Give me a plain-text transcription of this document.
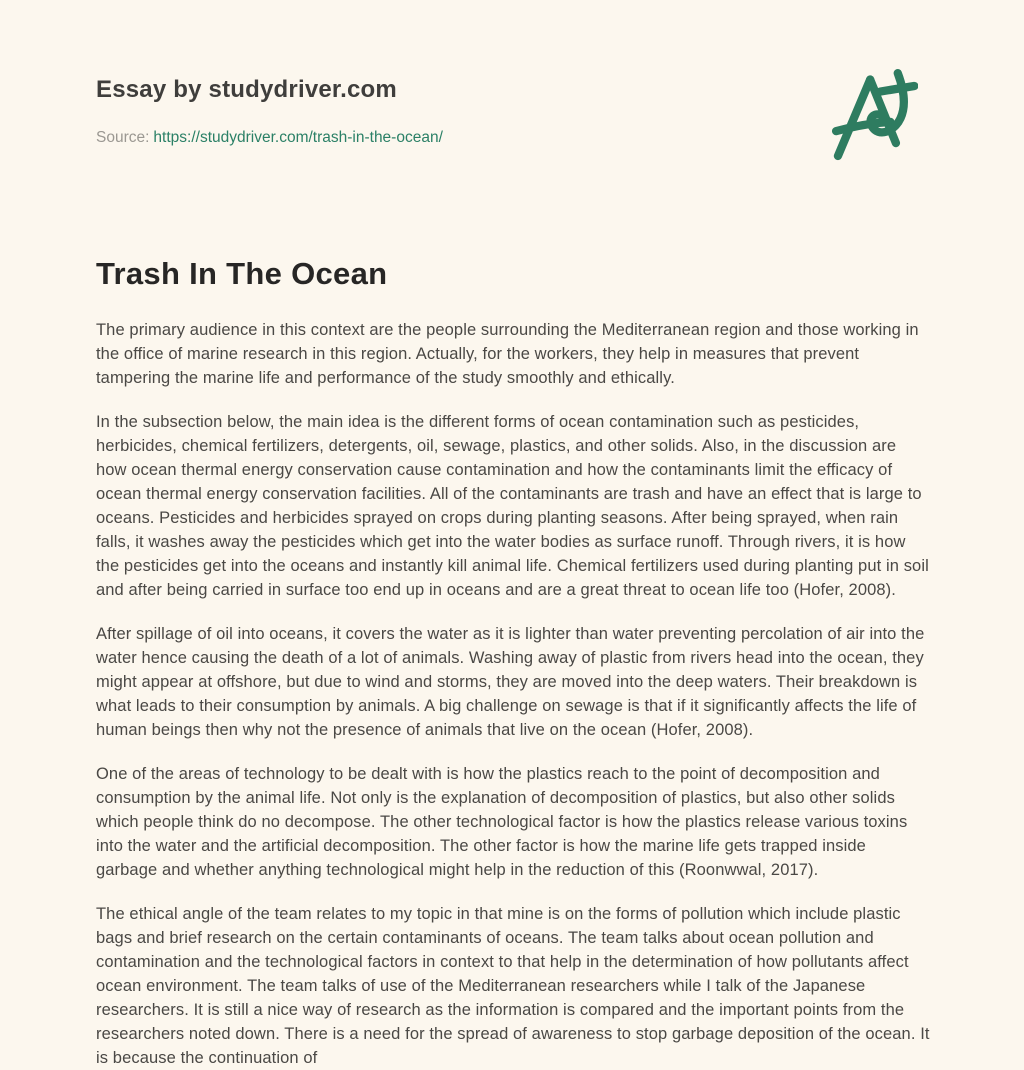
Essay by studydriver.com
Source: https://studydriver.com/trash-in-the-ocean/
Trash In The Ocean

The primary audience in this context are the people surrounding the Mediterranean region and those working in the office of marine research in this region. Actually, for the workers, they help in measures that prevent tampering the marine life and performance of the study smoothly and ethically.

In the subsection below, the main idea is the different forms of ocean contamination such as pesticides, herbicides, chemical fertilizers, detergents, oil, sewage, plastics, and other solids. Also, in the discussion are how ocean thermal energy conservation cause contamination and how the contaminants limit the efficacy of ocean thermal energy conservation facilities. All of the contaminants are trash and have an effect that is large to oceans. Pesticides and herbicides sprayed on crops during planting seasons. After being sprayed, when rain falls, it washes away the pesticides which get into the water bodies as surface runoff. Through rivers, it is how the pesticides get into the oceans and instantly kill animal life. Chemical fertilizers used during planting put in soil and after being carried in surface too end up in oceans and are a great threat to ocean life too (Hofer, 2008).

After spillage of oil into oceans, it covers the water as it is lighter than water preventing percolation of air into the water hence causing the death of a lot of animals. Washing away of plastic from rivers head into the ocean, they might appear at offshore, but due to wind and storms, they are moved into the deep waters. Their breakdown is what leads to their consumption by animals. A big challenge on sewage is that if it significantly affects the life of human beings then why not the presence of animals that live on the ocean (Hofer, 2008).

One of the areas of technology to be dealt with is how the plastics reach to the point of decomposition and consumption by the animal life. Not only is the explanation of decomposition of plastics, but also other solids which people think do no decompose. The other technological factor is how the plastics release various toxins into the water and the artificial decomposition. The other factor is how the marine life gets trapped inside garbage and whether anything technological might help in the reduction of this (Roonwwal, 2017).

The ethical angle of the team relates to my topic in that mine is on the forms of pollution which include plastic bags and brief research on the certain contaminants of oceans. The team talks about ocean pollution and contamination and the technological factors in context to that help in the determination of how pollutants affect ocean environment. The team talks of use of the Mediterranean researchers while I talk of the Japanese researchers. It is still a nice way of research as the information is compared and the important points from the researchers noted down. There is a need for the spread of awareness to stop garbage deposition of the ocean. It is because the continuation of
